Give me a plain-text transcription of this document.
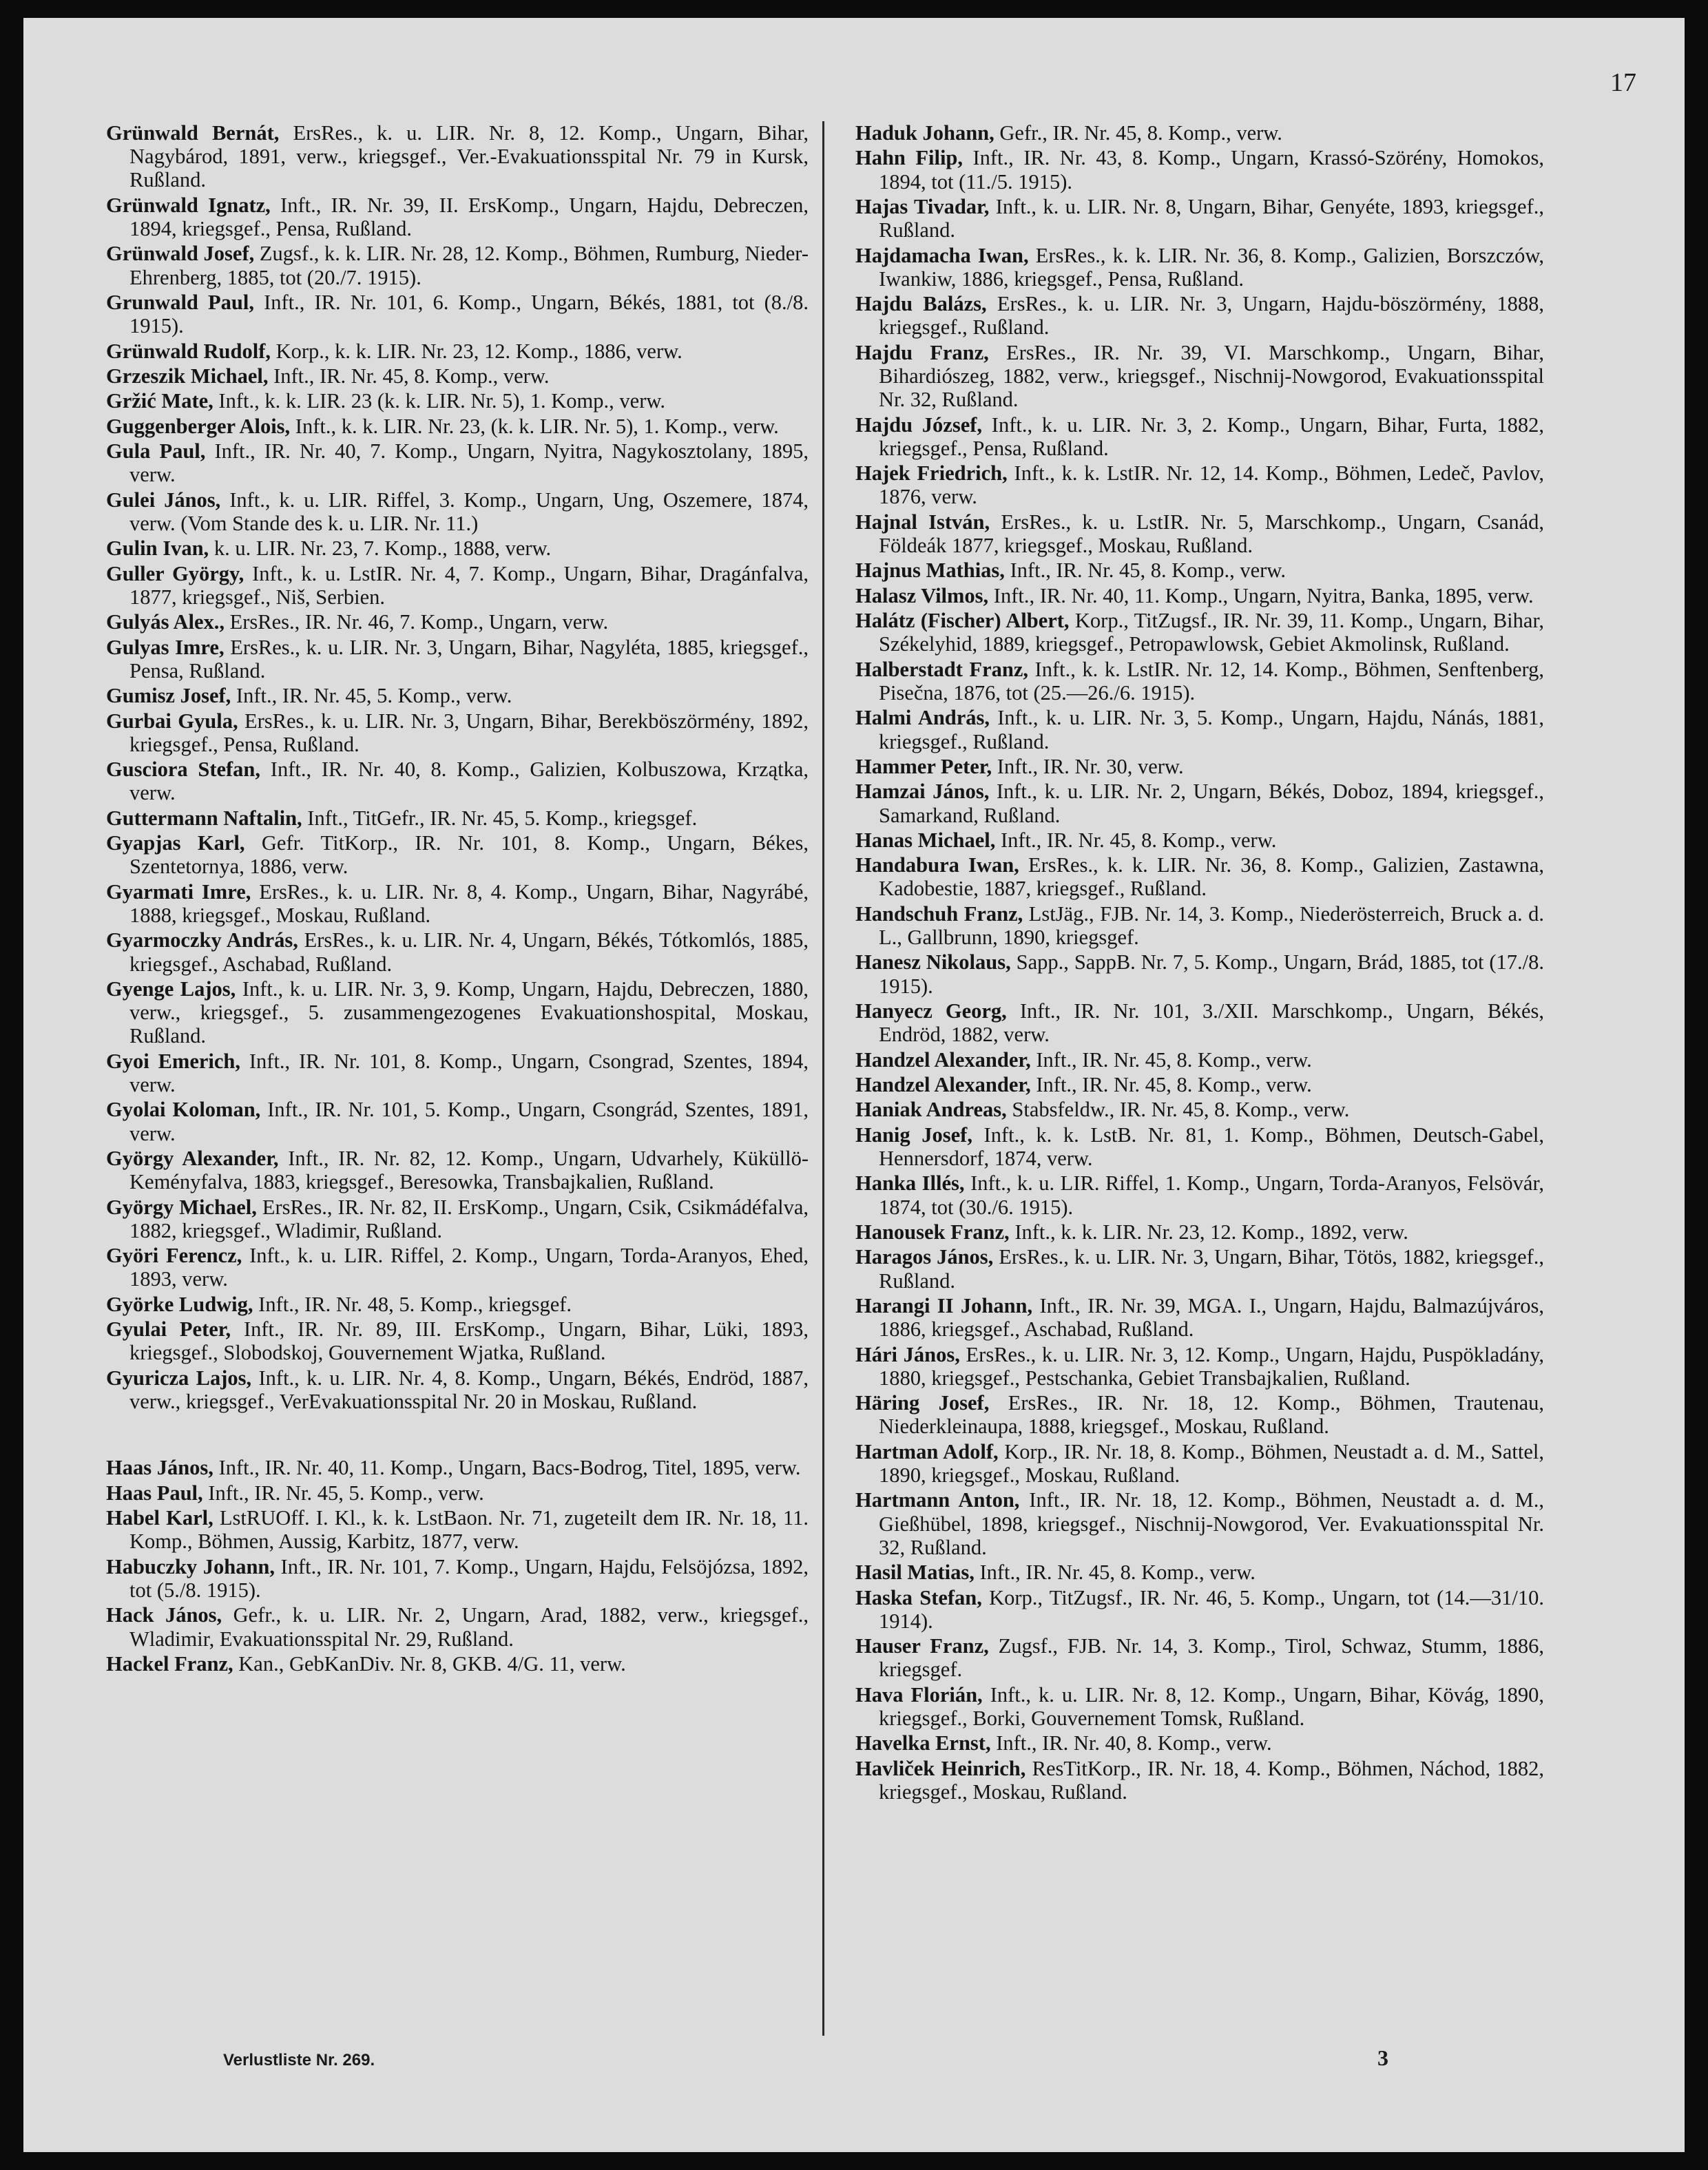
17

Grünwald Bernát, ErsRes., k. u. LIR. Nr. 8, 12. Komp., Ungarn, Bihar, Nagybárod, 1891, verw., kriegsgef., Ver.-Evakuationsspital Nr. 79 in Kursk, Rußland.

Grünwald Ignatz, Inft., IR. Nr. 39, II. ErsKomp., Ungarn, Hajdu, Debreczen, 1894, kriegsgef., Pensa, Rußland.

Grünwald Josef, Zugsf., k. k. LIR. Nr. 28, 12. Komp., Böhmen, Rumburg, Nieder-Ehrenberg, 1885, tot (20./7. 1915).

Grunwald Paul, Inft., IR. Nr. 101, 6. Komp., Ungarn, Békés, 1881, tot (8./8. 1915).

Grünwald Rudolf, Korp., k. k. LIR. Nr. 23, 12. Komp., 1886, verw.

Grzeszik Michael, Inft., IR. Nr. 45, 8. Komp., verw.

Gržić Mate, Inft., k. k. LIR. 23 (k. k. LIR. Nr. 5), 1. Komp., verw.

Guggenberger Alois, Inft., k. k. LIR. Nr. 23, (k. k. LIR. Nr. 5), 1. Komp., verw.

Gula Paul, Inft., IR. Nr. 40, 7. Komp., Ungarn, Nyitra, Nagykosztolany, 1895, verw.

Gulei János, Inft., k. u. LIR. Riffel, 3. Komp., Ungarn, Ung, Oszemere, 1874, verw. (Vom Stande des k. u. LIR. Nr. 11.)

Gulin Ivan, k. u. LIR. Nr. 23, 7. Komp., 1888, verw.

Guller György, Inft., k. u. LstIR. Nr. 4, 7. Komp., Ungarn, Bihar, Dragánfalva, 1877, kriegsgef., Niš, Serbien.

Gulyás Alex., ErsRes., IR. Nr. 46, 7. Komp., Ungarn, verw.

Gulyas Imre, ErsRes., k. u. LIR. Nr. 3, Ungarn, Bihar, Nagyléta, 1885, kriegsgef., Pensa, Rußland.

Gumisz Josef, Inft., IR. Nr. 45, 5. Komp., verw.

Gurbai Gyula, ErsRes., k. u. LIR. Nr. 3, Ungarn, Bihar, Berekböszörmény, 1892, kriegsgef., Pensa, Rußland.

Gusciora Stefan, Inft., IR. Nr. 40, 8. Komp., Galizien, Kolbuszowa, Krzątka, verw.

Guttermann Naftalin, Inft., TitGefr., IR. Nr. 45, 5. Komp., kriegsgef.

Gyapjas Karl, Gefr. TitKorp., IR. Nr. 101, 8. Komp., Ungarn, Békes, Szentetornya, 1886, verw.

Gyarmati Imre, ErsRes., k. u. LIR. Nr. 8, 4. Komp., Ungarn, Bihar, Nagyrábé, 1888, kriegsgef., Moskau, Rußland.

Gyarmoczky András, ErsRes., k. u. LIR. Nr. 4, Ungarn, Békés, Tótkomlós, 1885, kriegsgef., Aschabad, Rußland.

Gyenge Lajos, Inft., k. u. LIR. Nr. 3, 9. Komp, Ungarn, Hajdu, Debreczen, 1880, verw., kriegsgef., 5. zusammengezogenes Evakuationshospital, Moskau, Rußland.

Gyoi Emerich, Inft., IR. Nr. 101, 8. Komp., Ungarn, Csongrad, Szentes, 1894, verw.

Gyolai Koloman, Inft., IR. Nr. 101, 5. Komp., Ungarn, Csongrád, Szentes, 1891, verw.

György Alexander, Inft., IR. Nr. 82, 12. Komp., Ungarn, Udvarhely, Küküllö-Keményfalva, 1883, kriegsgef., Beresowka, Transbajkalien, Rußland.

György Michael, ErsRes., IR. Nr. 82, II. ErsKomp., Ungarn, Csik, Csikmádéfalva, 1882, kriegsgef., Wladimir, Rußland.

Györi Ferencz, Inft., k. u. LIR. Riffel, 2. Komp., Ungarn, Torda-Aranyos, Ehed, 1893, verw.

Györke Ludwig, Inft., IR. Nr. 48, 5. Komp., kriegsgef.

Gyulai Peter, Inft., IR. Nr. 89, III. ErsKomp., Ungarn, Bihar, Lüki, 1893, kriegsgef., Slobodskoj, Gouvernement Wjatka, Rußland.

Gyuricza Lajos, Inft., k. u. LIR. Nr. 4, 8. Komp., Ungarn, Békés, Endröd, 1887, verw., kriegsgef., VerEvakuationsspital Nr. 20 in Moskau, Rußland.

Haas János, Inft., IR. Nr. 40, 11. Komp., Ungarn, Bacs-Bodrog, Titel, 1895, verw.

Haas Paul, Inft., IR. Nr. 45, 5. Komp., verw.

Habel Karl, LstRUOff. I. Kl., k. k. LstBaon. Nr. 71, zugeteilt dem IR. Nr. 18, 11. Komp., Böhmen, Aussig, Karbitz, 1877, verw.

Habuczky Johann, Inft., IR. Nr. 101, 7. Komp., Ungarn, Hajdu, Felsöjózsa, 1892, tot (5./8. 1915).

Hack János, Gefr., k. u. LIR. Nr. 2, Ungarn, Arad, 1882, verw., kriegsgef., Wladimir, Evakuationsspital Nr. 29, Rußland.

Hackel Franz, Kan., GebKanDiv. Nr. 8, GKB. 4/G. 11, verw.

Haduk Johann, Gefr., IR. Nr. 45, 8. Komp., verw.

Hahn Filip, Inft., IR. Nr. 43, 8. Komp., Ungarn, Krassó-Szörény, Homokos, 1894, tot (11./5. 1915).

Hajas Tivadar, Inft., k. u. LIR. Nr. 8, Ungarn, Bihar, Genyéte, 1893, kriegsgef., Rußland.

Hajdamacha Iwan, ErsRes., k. k. LIR. Nr. 36, 8. Komp., Galizien, Borszczów, Iwankiw, 1886, kriegsgef., Pensa, Rußland.

Hajdu Balázs, ErsRes., k. u. LIR. Nr. 3, Ungarn, Hajdu-böszörmény, 1888, kriegsgef., Rußland.

Hajdu Franz, ErsRes., IR. Nr. 39, VI. Marschkomp., Ungarn, Bihar, Bihardiószeg, 1882, verw., kriegsgef., Nischnij-Nowgorod, Evakuationsspital Nr. 32, Rußland.

Hajdu József, Inft., k. u. LIR. Nr. 3, 2. Komp., Ungarn, Bihar, Furta, 1882, kriegsgef., Pensa, Rußland.

Hajek Friedrich, Inft., k. k. LstIR. Nr. 12, 14. Komp., Böhmen, Ledeč, Pavlov, 1876, verw.

Hajnal István, ErsRes., k. u. LstIR. Nr. 5, Marschkomp., Ungarn, Csanád, Földeák 1877, kriegsgef., Moskau, Rußland.

Hajnus Mathias, Inft., IR. Nr. 45, 8. Komp., verw.

Halasz Vilmos, Inft., IR. Nr. 40, 11. Komp., Ungarn, Nyitra, Banka, 1895, verw.

Halátz (Fischer) Albert, Korp., TitZugsf., IR. Nr. 39, 11. Komp., Ungarn, Bihar, Székelyhid, 1889, kriegsgef., Petropawlowsk, Gebiet Akmolinsk, Rußland.

Halberstadt Franz, Inft., k. k. LstIR. Nr. 12, 14. Komp., Böhmen, Senftenberg, Pisečna, 1876, tot (25.—26./6. 1915).

Halmi András, Inft., k. u. LIR. Nr. 3, 5. Komp., Ungarn, Hajdu, Nánás, 1881, kriegsgef., Rußland.

Hammer Peter, Inft., IR. Nr. 30, verw.

Hamzai János, Inft., k. u. LIR. Nr. 2, Ungarn, Békés, Doboz, 1894, kriegsgef., Samarkand, Rußland.

Hanas Michael, Inft., IR. Nr. 45, 8. Komp., verw.

Handabura Iwan, ErsRes., k. k. LIR. Nr. 36, 8. Komp., Galizien, Zastawna, Kadobestie, 1887, kriegsgef., Rußland.

Handschuh Franz, LstJäg., FJB. Nr. 14, 3. Komp., Niederösterreich, Bruck a. d. L., Gallbrunn, 1890, kriegsgef.

Hanesz Nikolaus, Sapp., SappB. Nr. 7, 5. Komp., Ungarn, Brád, 1885, tot (17./8. 1915).

Hanyecz Georg, Inft., IR. Nr. 101, 3./XII. Marschkomp., Ungarn, Békés, Endröd, 1882, verw.

Handzel Alexander, Inft., IR. Nr. 45, 8. Komp., verw.

Handzel Alexander, Inft., IR. Nr. 45, 8. Komp., verw.

Haniak Andreas, Stabsfeldw., IR. Nr. 45, 8. Komp., verw.

Hanig Josef, Inft., k. k. LstB. Nr. 81, 1. Komp., Böhmen, Deutsch-Gabel, Hennersdorf, 1874, verw.

Hanka Illés, Inft., k. u. LIR. Riffel, 1. Komp., Ungarn, Torda-Aranyos, Felsövár, 1874, tot (30./6. 1915).

Hanousek Franz, Inft., k. k. LIR. Nr. 23, 12. Komp., 1892, verw.

Haragos János, ErsRes., k. u. LIR. Nr. 3, Ungarn, Bihar, Tötös, 1882, kriegsgef., Rußland.

Harangi II Johann, Inft., IR. Nr. 39, MGA. I., Ungarn, Hajdu, Balmazújváros, 1886, kriegsgef., Aschabad, Rußland.

Hári János, ErsRes., k. u. LIR. Nr. 3, 12. Komp., Ungarn, Hajdu, Puspökladány, 1880, kriegsgef., Pestschanka, Gebiet Transbajkalien, Rußland.

Häring Josef, ErsRes., IR. Nr. 18, 12. Komp., Böhmen, Trautenau, Niederkleinaupa, 1888, kriegsgef., Moskau, Rußland.

Hartman Adolf, Korp., IR. Nr. 18, 8. Komp., Böhmen, Neustadt a. d. M., Sattel, 1890, kriegsgef., Moskau, Rußland.

Hartmann Anton, Inft., IR. Nr. 18, 12. Komp., Böhmen, Neustadt a. d. M., Gießhübel, 1898, kriegsgef., Nischnij-Nowgorod, Ver. Evakuationsspital Nr. 32, Rußland.

Hasil Matias, Inft., IR. Nr. 45, 8. Komp., verw.

Haska Stefan, Korp., TitZugsf., IR. Nr. 46, 5. Komp., Ungarn, tot (14.—31/10. 1914).

Hauser Franz, Zugsf., FJB. Nr. 14, 3. Komp., Tirol, Schwaz, Stumm, 1886, kriegsgef.

Hava Florián, Inft., k. u. LIR. Nr. 8, 12. Komp., Ungarn, Bihar, Kövág, 1890, kriegsgef., Borki, Gouvernement Tomsk, Rußland.

Havelka Ernst, Inft., IR. Nr. 40, 8. Komp., verw.

Havliček Heinrich, ResTitKorp., IR. Nr. 18, 4. Komp., Böhmen, Náchod, 1882, kriegsgef., Moskau, Rußland.

Verlustliste Nr. 269.	3
